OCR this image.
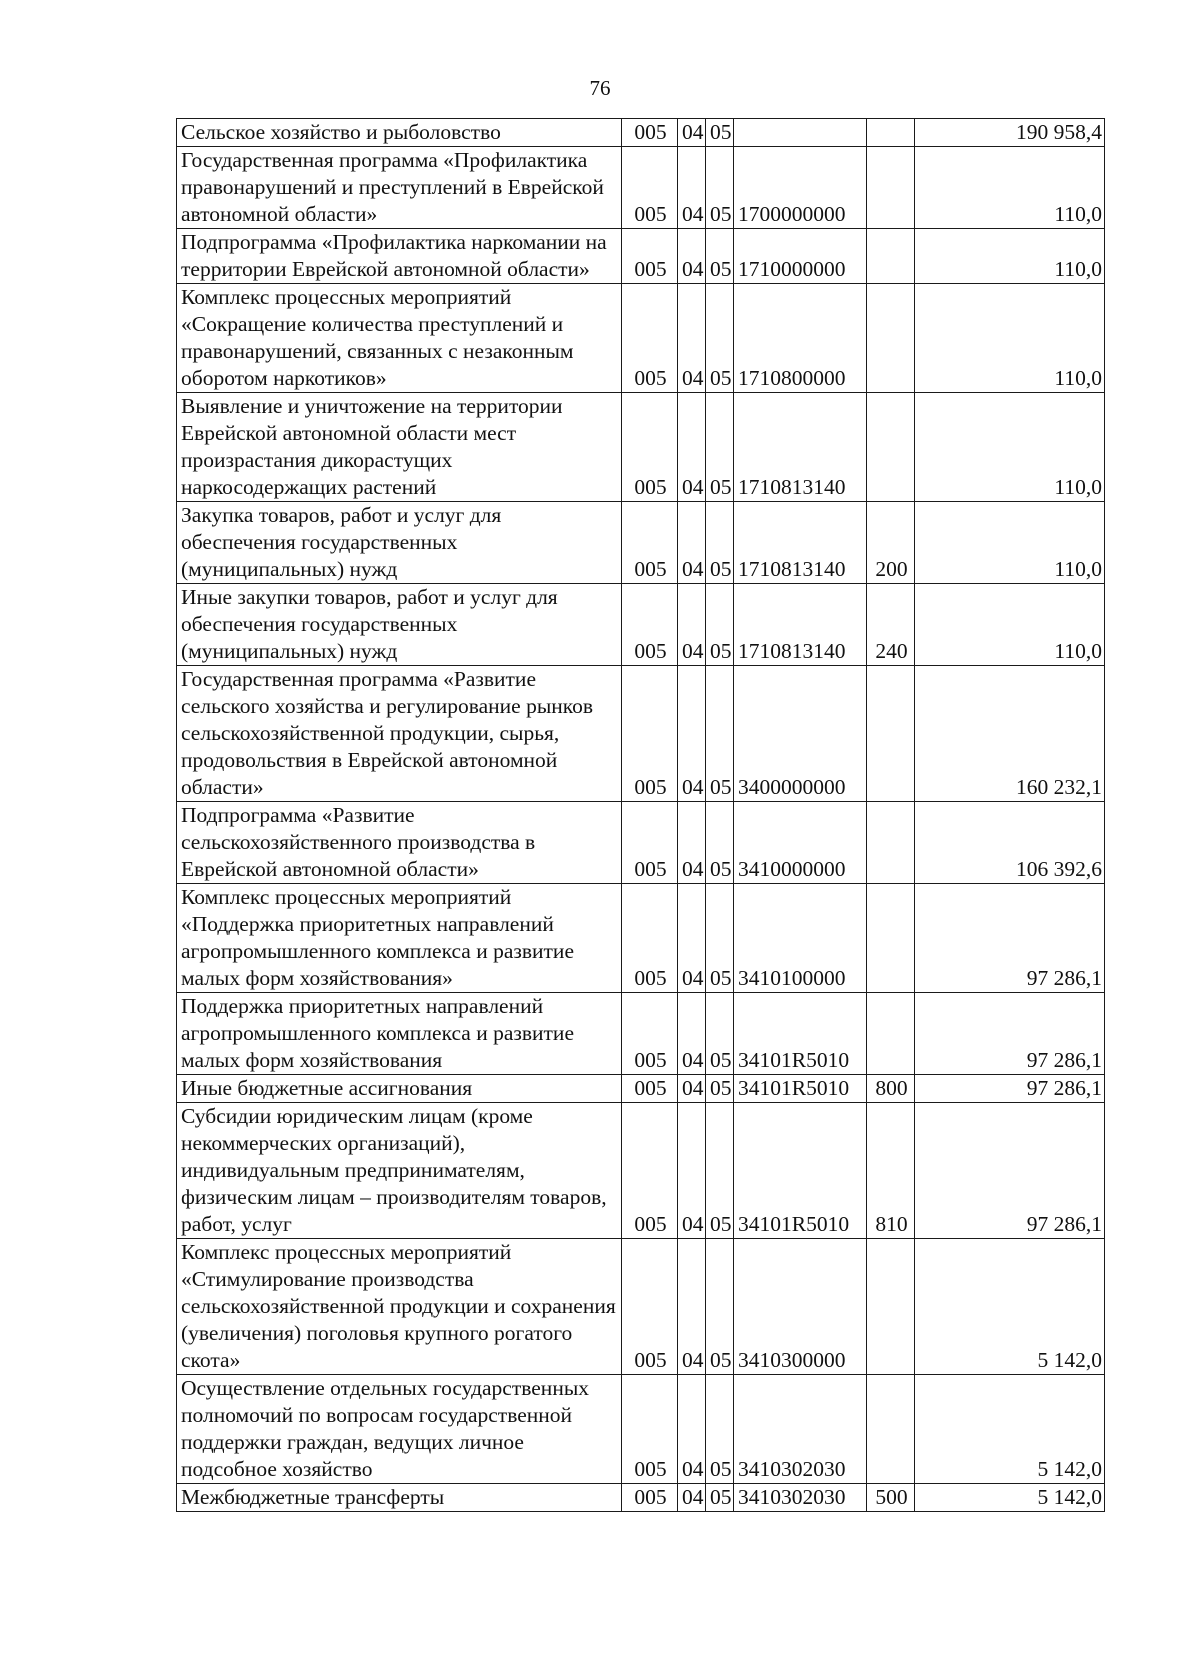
76
Сельское хозяйство и рыболовство	005	04	05			190 958,4
Государственная программа «Профилактика правонарушений и преступлений в Еврейской автономной области»	005	04	05	1700000000		110,0
Подпрограмма «Профилактика наркомании на территории Еврейской автономной области»	005	04	05	1710000000		110,0
Комплекс процессных мероприятий «Сокращение количества преступлений и правонарушений, связанных с незаконным оборотом наркотиков»	005	04	05	1710800000		110,0
Выявление и уничтожение на территории Еврейской автономной области мест произрастания дикорастущих наркосодержащих растений	005	04	05	1710813140		110,0
Закупка товаров, работ и услуг для обеспечения государственных (муниципальных) нужд	005	04	05	1710813140	200	110,0
Иные закупки товаров, работ и услуг для обеспечения государственных (муниципальных) нужд	005	04	05	1710813140	240	110,0
Государственная программа «Развитие сельского хозяйства и регулирование рынков сельскохозяйственной продукции, сырья, продовольствия в Еврейской автономной области»	005	04	05	3400000000		160 232,1
Подпрограмма «Развитие сельскохозяйственного производства в Еврейской автономной области»	005	04	05	3410000000		106 392,6
Комплекс процессных мероприятий «Поддержка приоритетных направлений агропромышленного комплекса и развитие малых форм хозяйствования»	005	04	05	3410100000		97 286,1
Поддержка приоритетных направлений агропромышленного комплекса и развитие малых форм хозяйствования	005	04	05	34101R5010		97 286,1
Иные бюджетные ассигнования	005	04	05	34101R5010	800	97 286,1
Субсидии юридическим лицам (кроме некоммерческих организаций), индивидуальным предпринимателям, физическим лицам – производителям товаров, работ, услуг	005	04	05	34101R5010	810	97 286,1
Комплекс процессных мероприятий «Стимулирование производства сельскохозяйственной продукции и сохранения (увеличения) поголовья крупного рогатого скота»	005	04	05	3410300000		5 142,0
Осуществление отдельных государственных полномочий по вопросам государственной поддержки граждан, ведущих личное подсобное хозяйство	005	04	05	3410302030		5 142,0
Межбюджетные трансферты	005	04	05	3410302030	500	5 142,0
